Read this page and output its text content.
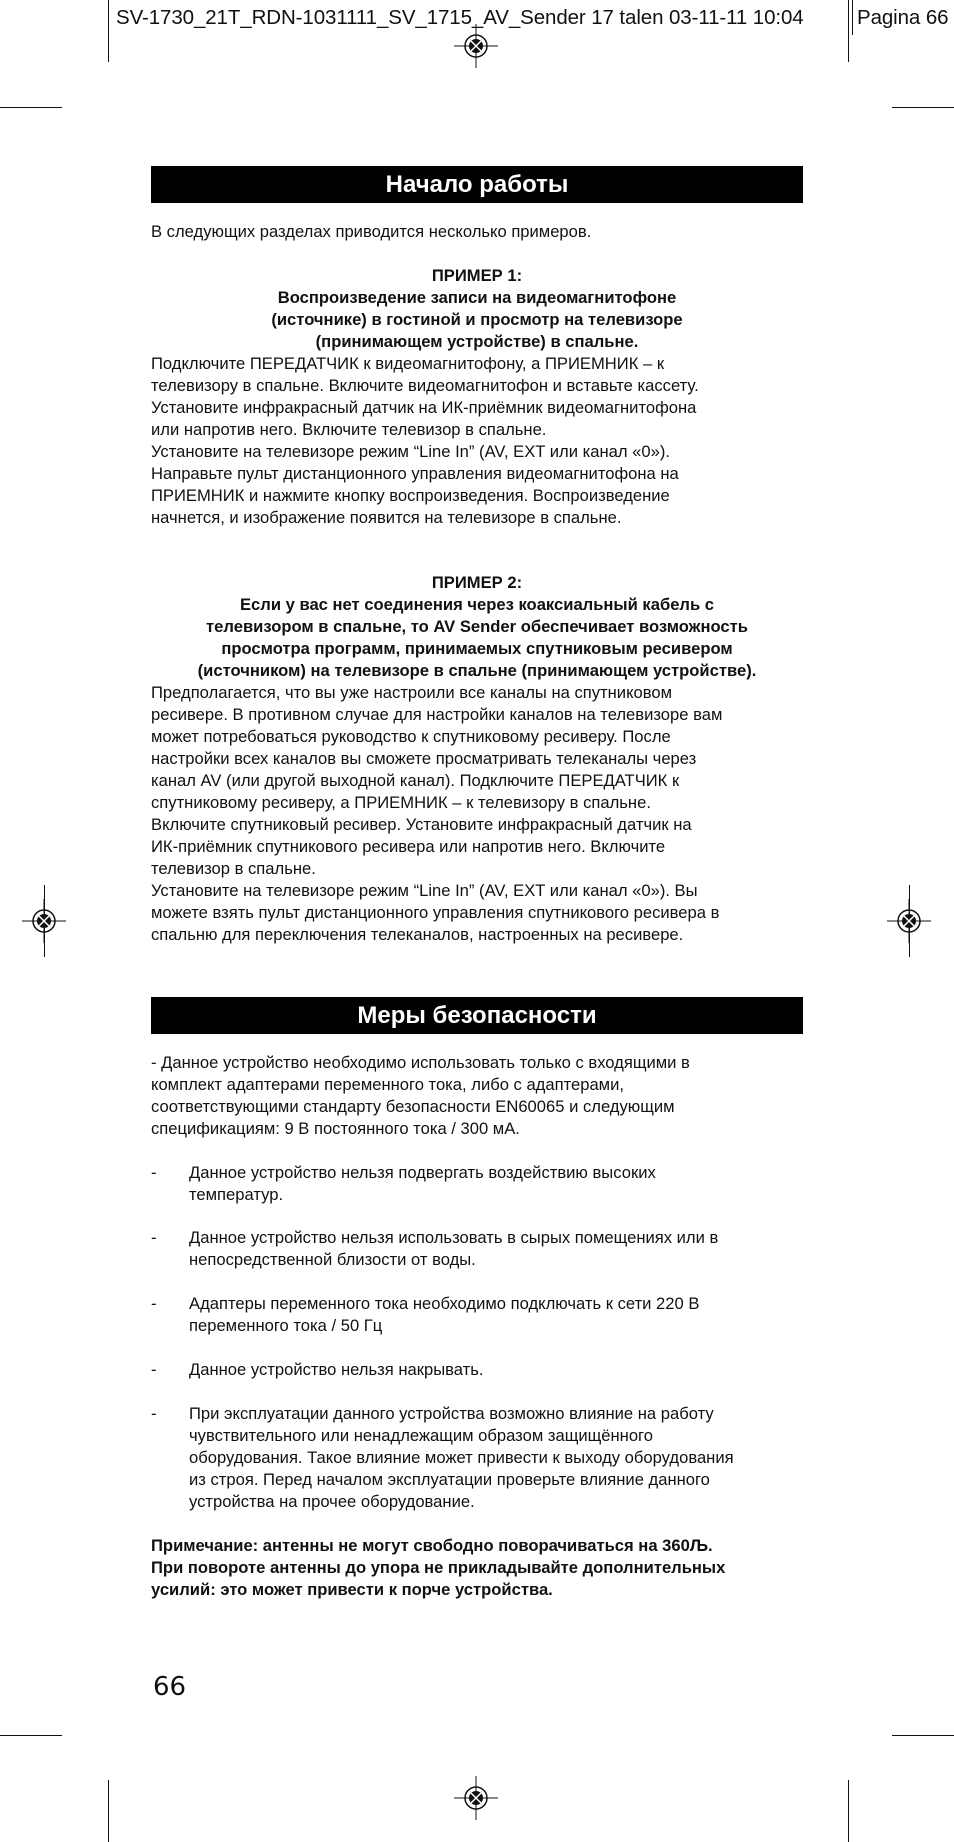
SV-1730_21T_RDN-1031111_SV_1715_AV_Sender 17 talen 03-11-11 10:04	Pagina 66
Начало работы
В следующих разделах приводится несколько примеров.
ПРИМЕР 1:
Воспроизведение записи на видеомагнитофоне
(источнике) в гостиной и просмотр на телевизоре
(принимающем устройстве) в спальне.
Подключите ПЕРЕДАТЧИК к видеомагнитофону, а ПРИЕМНИК – к
телевизору в спальне. Включите видеомагнитофон и вставьте кассету.
Установите инфракрасный датчик на ИК-приёмник видеомагнитофона
или напротив него. Включите телевизор в спальне.
Установите на телевизоре режим “Line In” (AV, EXT или канал «0»).
Направьте пульт дистанционного управления видеомагнитофона на
ПРИЕМНИК и нажмите кнопку воспроизведения. Воспроизведение
начнется, и изображение появится на телевизоре в спальне.
ПРИМЕР 2:
Если у вас нет соединения через коаксиальный кабель с
телевизором в спальне, то AV Sender обеспечивает возможность
просмотра программ, принимаемых спутниковым ресивером
(источником) на телевизоре в спальне (принимающем устройстве).
Предполагается, что вы уже настроили все каналы на спутниковом
ресивере. В противном случае для настройки каналов на телевизоре вам
может потребоваться руководство к спутниковому ресиверу. После
настройки всех каналов вы сможете просматривать телеканалы через
канал AV (или другой выходной канал). Подключите ПЕРЕДАТЧИК к
спутниковому ресиверу, а ПРИЕМНИК – к телевизору в спальне.
Включите спутниковый ресивер. Установите инфракрасный датчик на
ИК-приёмник спутникового ресивера или напротив него. Включите
телевизор в спальне.
Установите на телевизоре режим “Line In” (AV, EXT или канал «0»). Вы
можете взять пульт дистанционного управления спутникового ресивера в
спальню для переключения телеканалов, настроенных на ресивере.
Меры безопасности
- Данное устройство необходимо использовать только с входящими в
комплект адаптерами переменного тока, либо с адаптерами,
соответствующими стандарту безопасности EN60065 и следующим
спецификациям: 9 В постоянного тока / 300 мА.
- Данное устройство нельзя подвергать воздействию высоких
температур.
- Данное устройство нельзя использовать в сырых помещениях или в
непосредственной близости от воды.
- Адаптеры переменного тока необходимо подключать к сети 220 В
переменного тока / 50 Гц
- Данное устройство нельзя накрывать.
- При эксплуатации данного устройства возможно влияние на работу
чувствительного или ненадлежащим образом защищённого
оборудования. Такое влияние может привести к выходу оборудования
из строя. Перед началом эксплуатации проверьте влияние данного
устройства на прочее оборудование.
Примечание: антенны не могут свободно поворачиваться на 360Љ.
При повороте антенны до упора не прикладывайте дополнительных
усилий: это может привести к порче устройства.
66
